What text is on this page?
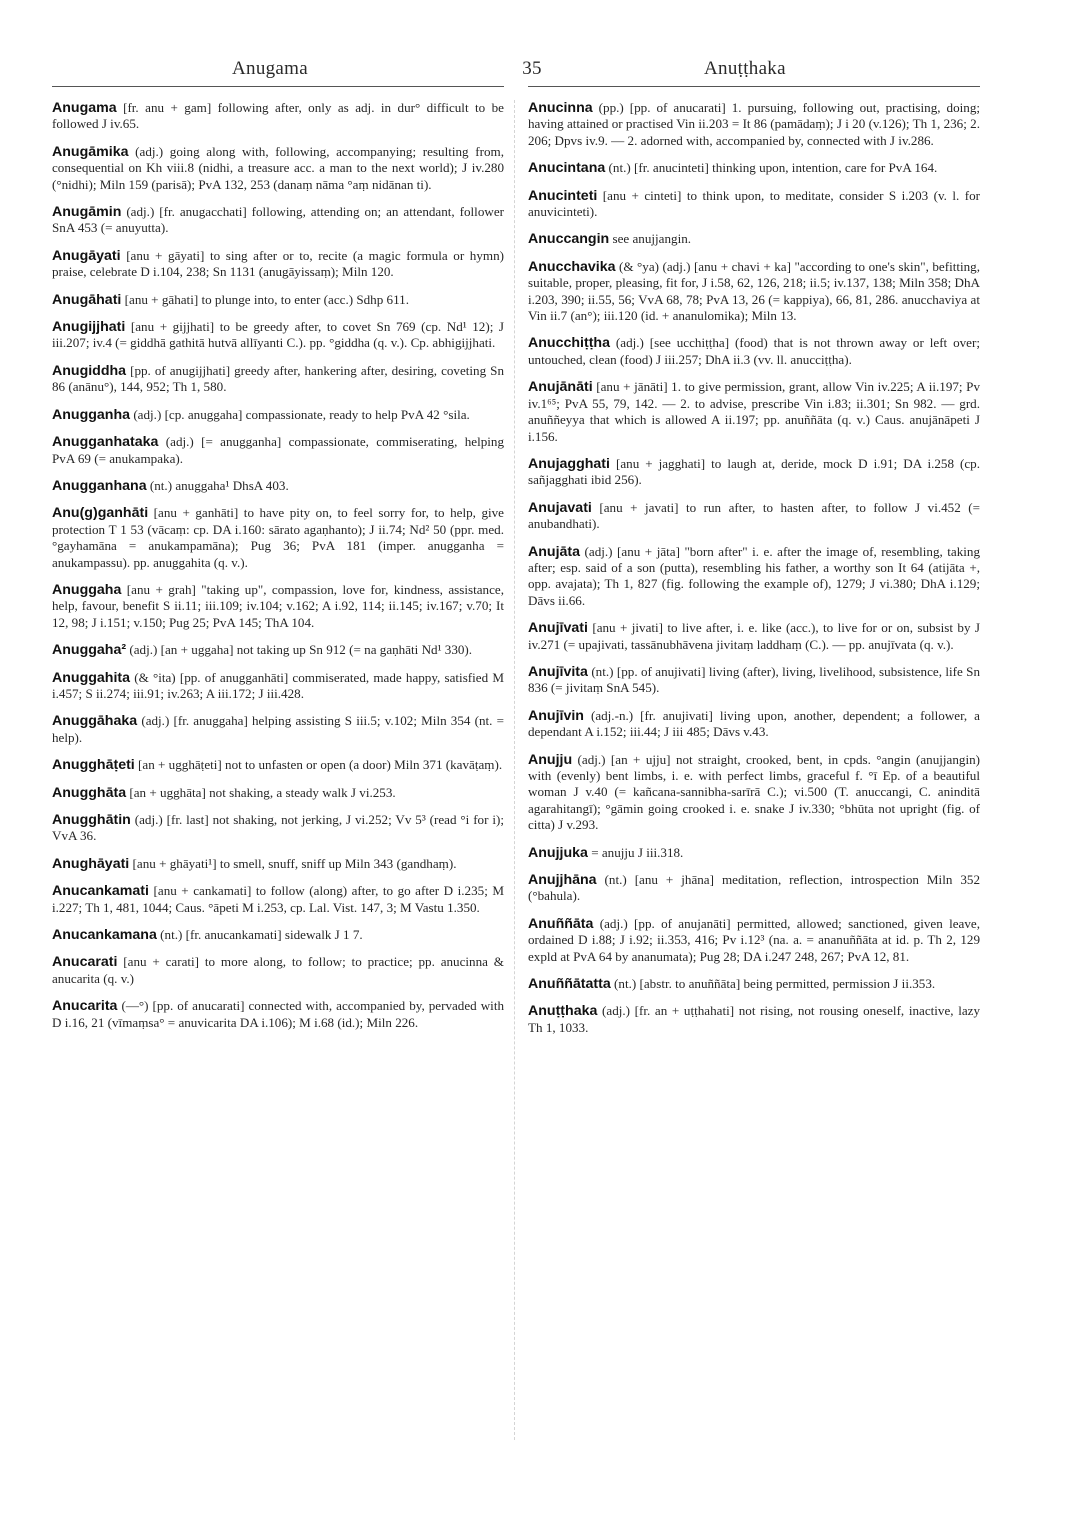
Anugama	35	Anuṭṭhaka

Anugama [fr. anu + gam] following after, only as adj. in dur° difficult to be followed J iv.65.

Anugāmika (adj.) going along with, following, accompanying; resulting from, consequential on Kh viii.8 (nidhi, a treasure acc. a man to the next world); J iv.280 (°nidhi); Miln 159 (parisā); PvA 132, 253 (danaṃ nāma °aṃ nidānan ti).

Anugāmin (adj.) [fr. anugacchati] following, attending on; an attendant, follower SnA 453 (= anuyutta).

Anugāyati [anu + gāyati] to sing after or to, recite (a magic formula or hymn) praise, celebrate D i.104, 238; Sn 1131 (anugāyissaṃ); Miln 120.

Anugāhati [anu + gāhati] to plunge into, to enter (acc.) Sdhp 611.

Anugijjhati [anu + gijjhati] to be greedy after, to covet Sn 769 (cp. Nd¹ 12); J iii.207; iv.4 (= giddhā gathitā hutvā allīyanti C.). pp. °giddha (q. v.). Cp. abhigijjhati.

Anugiddha [pp. of anugijjhati] greedy after, hankering after, desiring, coveting Sn 86 (anānu°), 144, 952; Th 1, 580.

Anugganha (adj.) [cp. anuggaha] compassionate, ready to help PvA 42 °sila.

Anugganhataka (adj.) [= anugganha] compassionate, commiserating, helping PvA 69 (= anukampaka).

Anugganhana (nt.) anuggaha¹ DhsA 403.

Anu(g)ganhāti [anu + ganhāti] to have pity on, to feel sorry for, to help, give protection T 1 53 (vācaṃ: cp. DA i.160: sārato agaṇhanto); J ii.74; Nd² 50 (ppr. med. °gayhamāna = anukampamāna); Pug 36; PvA 181 (imper. anugganha = anukampassu). pp. anuggahita (q. v.).

Anuggaha [anu + grah] "taking up", compassion, love for, kindness, assistance, help, favour, benefit S ii.11; iii.109; iv.104; v.162; A i.92, 114; ii.145; iv.167; v.70; It 12, 98; J i.151; v.150; Pug 25; PvA 145; ThA 104.

Anuggaha² (adj.) [an + uggaha] not taking up Sn 912 (= na gaṇhāti Nd¹ 330).

Anuggahita (& °ita) [pp. of anugganhāti] commiserated, made happy, satisfied M i.457; S ii.274; iii.91; iv.263; A iii.172; J iii.428.

Anuggāhaka (adj.) [fr. anuggaha] helping assisting S iii.5; v.102; Miln 354 (nt. = help).

Anugghāṭeti [an + ugghāṭeti] not to unfasten or open (a door) Miln 371 (kavāṭaṃ).

Anugghāta [an + ugghāta] not shaking, a steady walk J vi.253.

Anugghātin (adj.) [fr. last] not shaking, not jerking, J vi.252; Vv 5³ (read °i for i); VvA 36.

Anughāyati [anu + ghāyati¹] to smell, snuff, sniff up Miln 343 (gandhaṃ).

Anucankamati [anu + cankamati] to follow (along) after, to go after D i.235; M i.227; Th 1, 481, 1044; Caus. °āpeti M i.253, cp. Lal. Vist. 147, 3; M Vastu 1.350.

Anucankamana (nt.) [fr. anucankamati] sidewalk J 1 7.

Anucarati [anu + carati] to more along, to follow; to practice; pp. anucinna & anucarita (q. v.)

Anucarita (—°) [pp. of anucarati] connected with, accompanied by, pervaded with D i.16, 21 (vīmaṃsa° = anuvicarita DA i.106); M i.68 (id.); Miln 226.

Anucinna (pp.) [pp. of anucarati] 1. pursuing, following out, practising, doing; having attained or practised Vin ii.203 = It 86 (pamādaṃ); J i 20 (v.126); Th 1, 236; 2. 206; Dpvs iv.9. — 2. adorned with, accompanied by, connected with J iv.286.

Anucintana (nt.) [fr. anucinteti] thinking upon, intention, care for PvA 164.

Anucinteti [anu + cinteti] to think upon, to meditate, consider S i.203 (v. l. for anuvicinteti).

Anuccangin see anujjangin.

Anucchavika (& °ya) (adj.) [anu + chavi + ka] "according to one's skin", befitting, suitable, proper, pleasing, fit for, J i.58, 62, 126, 218; ii.5; iv.137, 138; Miln 358; DhA i.203, 390; ii.55, 56; VvA 68, 78; PvA 13, 26 (= kappiya), 66, 81, 286. anucchaviya at Vin ii.7 (an°); iii.120 (id. + ananulomika); Miln 13.

Anucchiṭṭha (adj.) [see ucchiṭṭha] (food) that is not thrown away or left over; untouched, clean (food) J iii.257; DhA ii.3 (vv. ll. anucciṭṭha).

Anujānāti [anu + jānāti] 1. to give permission, grant, allow Vin iv.225; A ii.197; Pv iv.1⁶⁵; PvA 55, 79, 142. — 2. to advise, prescribe Vin i.83; ii.301; Sn 982. — grd. anuññeyya that which is allowed A ii.197; pp. anuññāta (q. v.) Caus. anujānāpeti J i.156.

Anujagghati [anu + jagghati] to laugh at, deride, mock D i.91; DA i.258 (cp. sañjagghati ibid 256).

Anujavati [anu + javati] to run after, to hasten after, to follow J vi.452 (= anubandhati).

Anujāta (adj.) [anu + jāta] "born after" i. e. after the image of, resembling, taking after; esp. said of a son (putta), resembling his father, a worthy son It 64 (atijāta +, opp. avajata); Th 1, 827 (fig. following the example of), 1279; J vi.380; DhA i.129; Dāvs ii.66.

Anujīvati [anu + jivati] to live after, i. e. like (acc.), to live for or on, subsist by J iv.271 (= upajivati, tassānubhāvena jivitaṃ laddhaṃ (C.). — pp. anujīvata (q. v.).

Anujīvita (nt.) [pp. of anujivati] living (after), living, livelihood, subsistence, life Sn 836 (= jivitaṃ SnA 545).

Anujīvin (adj.-n.) [fr. anujivati] living upon, another, dependent; a follower, a dependant A i.152; iii.44; J iii 485; Dāvs v.43.

Anujju (adj.) [an + ujju] not straight, crooked, bent, in cpds. °angin (anujjangin) with (evenly) bent limbs, i. e. with perfect limbs, graceful f. °ī Ep. of a beautiful woman J v.40 (= kañcana-sannibha-sarīrā C.); vi.500 (T. anuccangi, C. aninditā agarahitangī); °gāmin going crooked i. e. snake J iv.330; °bhūta not upright (fig. of citta) J v.293.

Anujjuka = anujju J iii.318.

Anujjhāna (nt.) [anu + jhāna] meditation, reflection, introspection Miln 352 (°bahula).

Anuññāta (adj.) [pp. of anujanāti] permitted, allowed; sanctioned, given leave, ordained D i.88; J i.92; ii.353, 416; Pv i.12³ (na. a. = ananuññāta at id. p. Th 2, 129 expld at PvA 64 by ananumata); Pug 28; DA i.247 248, 267; PvA 12, 81.

Anuññātatta (nt.) [abstr. to anuññāta] being permitted, permission J ii.353.

Anuṭṭhaka (adj.) [fr. an + uṭṭhahati] not rising, not rousing oneself, inactive, lazy Th 1, 1033.
